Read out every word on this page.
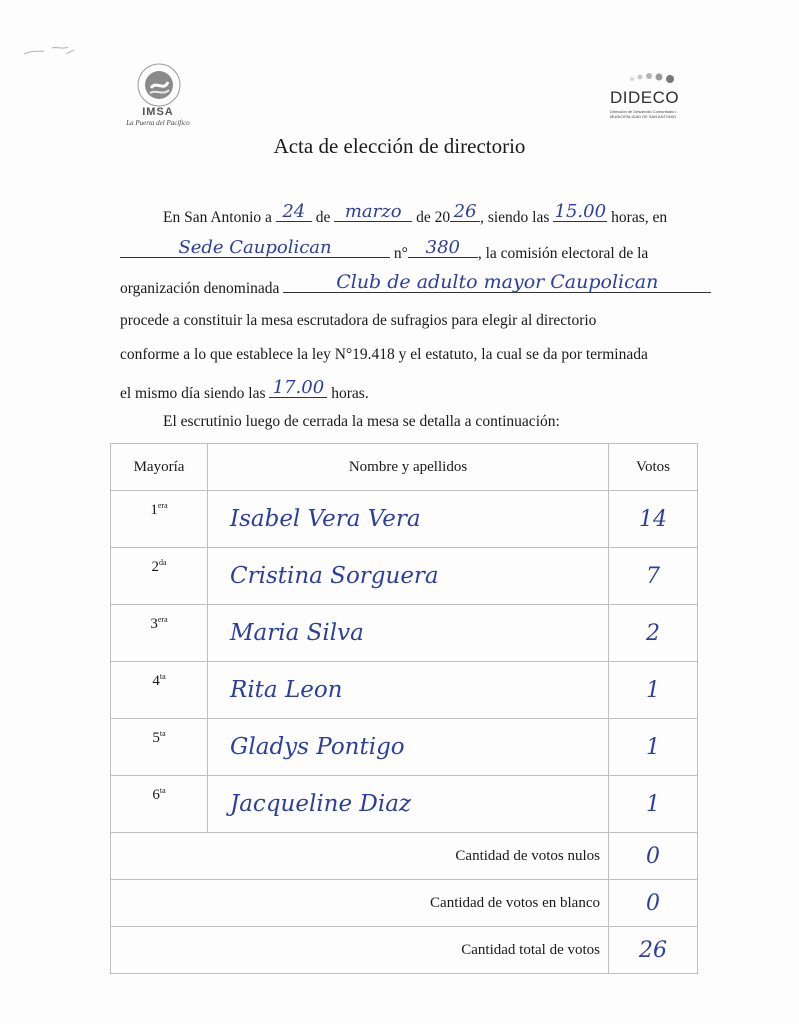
IMSA
La Puerta del Pacífico
DIDECO
Dirección de Desarrollo Comunitario I. MUNICIPALIDAD DE SAN ANTONIO
Acta de elección de directorio
En San Antonio a 24 de marzo de 20 26 , siendo las 15.00 horas, en
Sede Caupolican	n° 380	, la comisión electoral de la
organización denominada	Club de adulto mayor Caupolican
procede a constituir la mesa escrutadora de sufragios para elegir al directorio
conforme a lo que establece la ley N°19.418 y el estatuto, la cual se da por terminada
el mismo día siendo las 17.00 horas.
El escrutinio luego de cerrada la mesa se detalla a continuación:
Mayoría	Nombre y apellidos	Votos
$1^{era}$	Isabel Vera Vera	14
$2^{da}$	Cristina Sorguera	7
$3^{era}$	Maria Silva	2
$4^{ta}$	Rita Leon	1
$5^{ta}$	Gladys Pontigo	1
$6^{ta}$	Jacqueline Diaz	1
Cantidad de votos nulos		0
Cantidad de votos en blanco		0
Cantidad total de votos		26
